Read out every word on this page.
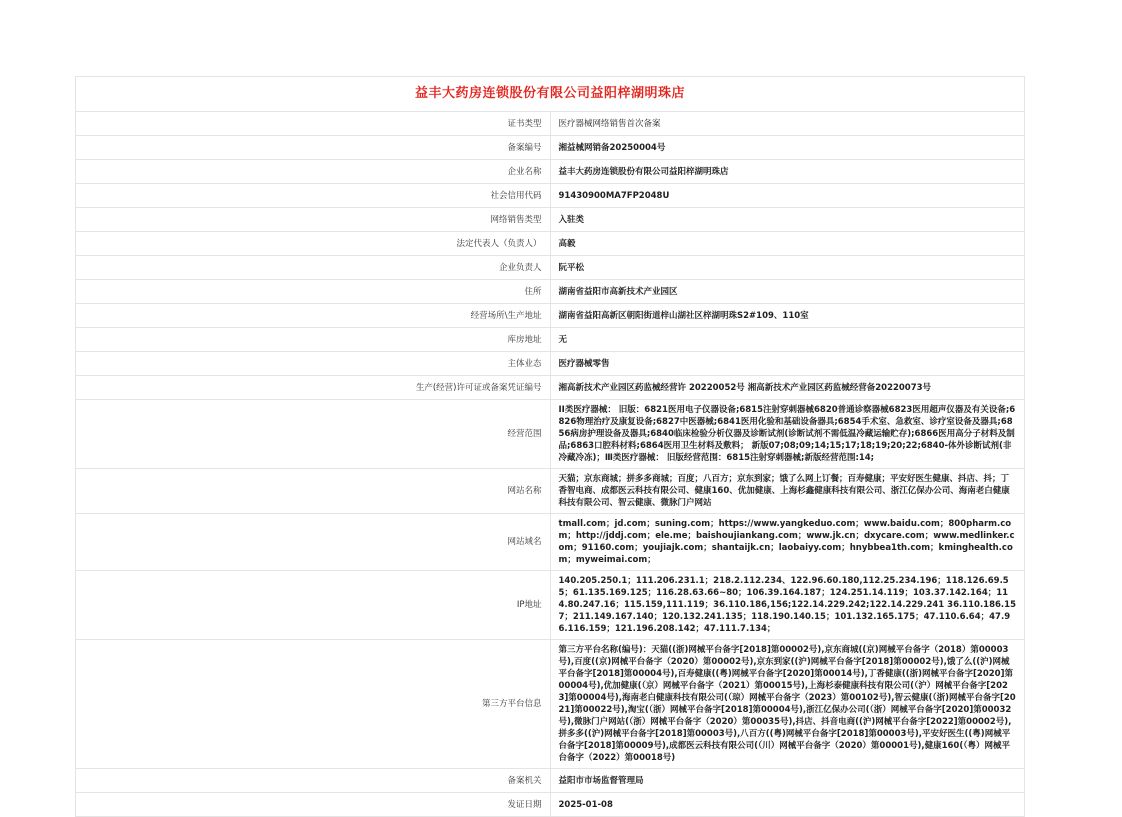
益丰大药房连锁股份有限公司益阳梓湖明珠店	
证书类型	医疗器械网络销售首次备案
备案编号	湘益械网销备20250004号
企业名称	益丰大药房连锁股份有限公司益阳梓湖明珠店
社会信用代码	91430900MA7FP2048U
网络销售类型	入驻类
法定代表人（负责人）	高毅
企业负责人	阮平松
住所	湖南省益阳市高新技术产业园区
经营场所\生产地址	湖南省益阳高新区朝阳街道梓山湖社区梓湖明珠S2#109、110室
库房地址	无
主体业态	医疗器械零售
生产(经营)许可证或备案凭证编号	湘高新技术产业园区药监械经营许 20220052号 湘高新技术产业园区药监械经营备20220073号
经营范围	II类医疗器械： 旧版：6821医用电子仪器设备;6815注射穿刺器械6820普通诊察器械6823医用超声仪器及有关设备;6826物理治疗及康复设备;6827中医器械;6841医用化验和基础设备器具;6854手术室、急救室、诊疗室设备及器具;6856病房护理设备及器具;6840临床检验分析仪器及诊断试剂(诊断试剂不需低温冷藏运输贮存);6866医用高分子材料及制品;6863口腔科材料;6864医用卫生材料及敷料； 新版07;08;09;14;15;17;18;19;20;22;6840-体外诊断试剂(非冷藏冷冻)；Ⅲ类医疗器械： 旧版经营范围：6815注射穿刺器械;新版经营范围:14;
网站名称	天猫；京东商城；拼多多商城；百度；八百方；京东到家；饿了么网上订餐；百寿健康；平安好医生健康、抖店、抖；丁香智电商、成都医云科技有限公司、健康160、优加健康、上海杉鑫健康科技有限公司、浙江亿保办公司、海南老白健康科技有限公司、智云健康、微脉门户网站
网站域名	tmall.com；jd.com；suning.com；https://www.yangkeduo.com；www.baidu.com；800pharm.com；http://jddj.com；ele.me；baishoujiankang.com；www.jk.cn；dxycare.com；www.medlinker.com；91160.com；youjiajk.com；shantaijk.cn；laobaiyy.com；hnybbea1th.com；kminghealth.com；myweimai.com；
IP地址	140.205.250.1；111.206.231.1；218.2.112.234、122.96.60.180,112.25.234.196；118.126.69.55；61.135.169.125；116.28.63.66~80；106.39.164.187；124.251.14.119；103.37.142.164；114.80.247.16；115.159,111.119；36.110.186,156;122.14.229.242;122.14.229.241 36.110.186.157；211.149.167.140；120.132.241.135；118.190.140.15；101.132.165.175；47.110.6.64；47.96.116.159；121.196.208.142；47.111.7.134；
第三方平台信息	第三方平台名称(编号)：天猫((浙)网械平台备字[2018]第00002号),京东商城((京)网械平台备字（2018）第00003号),百度((京)网械平台备字（2020）第00002号),京东到家((沪)网械平台备字[2018]第00002号),饿了么((沪)网械平台备字[2018]第00004号),百寿健康((粤)网械平台备字[2020]第00014号),丁香健康((浙)网械平台备字[2020]第00004号),优加健康(（京）网械平台备字（2021）第00015号),上海杉泰健康科技有限公司(（沪）网械平台备字[2023]第00004号),海南老白健康科技有限公司(（琼）网械平台备字（2023）第00102号),智云健康(（浙)网械平台备字[2021]第00022号),淘宝(（浙）网械平台备字[2018]第00004号),浙江亿保办公司(（浙）网械平台备字[2020]第00032号),微脉门户网站(（浙）网械平台备字（2020）第00035号),抖店、抖音电商((沪)网械平台备字[2022]第00002号),拼多多((沪)网械平台备字[2018]第00003号),八百方((粤)网械平台备字[2018]第00003号),平安好医生((粤)网械平台备字[2018]第00009号),成都医云科技有限公司(（川）网械平台备字（2020）第00001号),健康160(（粤）网械平台备字（2022）第00018号)
备案机关	益阳市市场监督管理局
发证日期	2025-01-08
